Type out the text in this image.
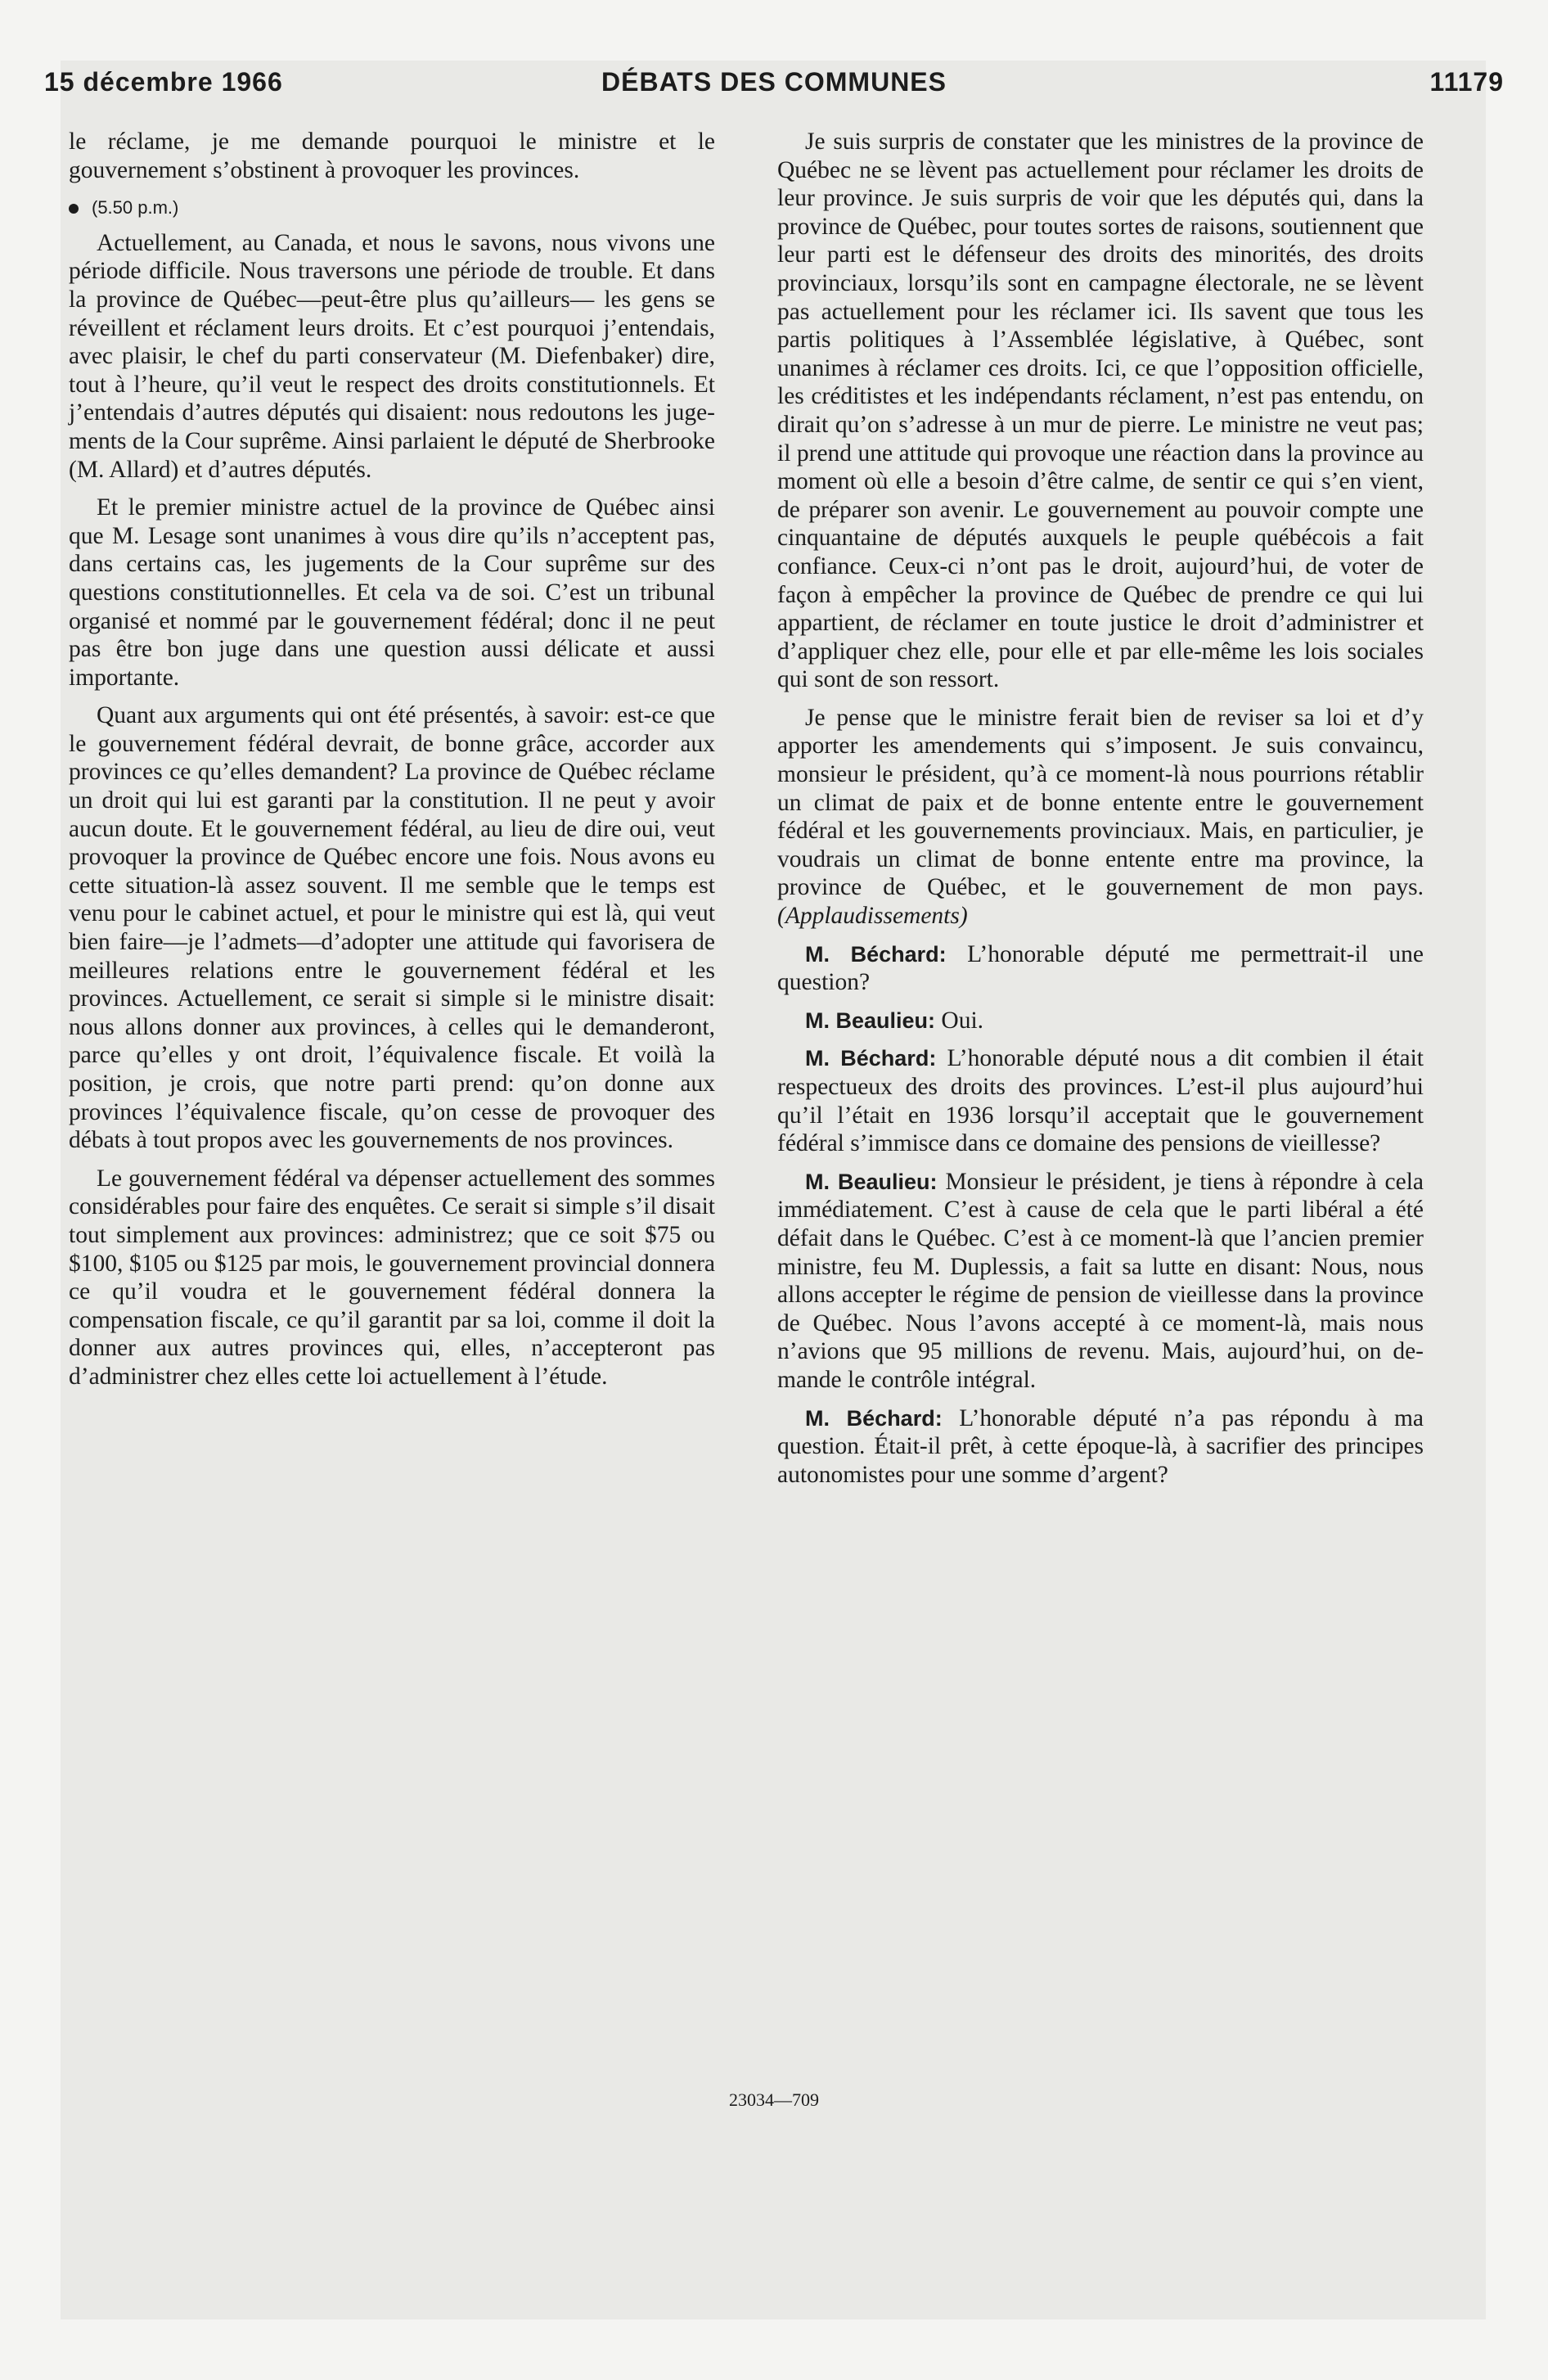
15 décembre 1966	DÉBATS DES COMMUNES	11179

le réclame, je me demande pourquoi le ministre et le gouvernement s’obstinent à provoquer les provinces.

(5.50 p.m.)

Actuellement, au Canada, et nous le savons, nous vivons une période difficile. Nous traversons une période de trouble. Et dans la province de Québec—peut-être plus qu’ailleurs— les gens se réveillent et réclament leurs droits. Et c’est pourquoi j’entendais, avec plaisir, le chef du parti conservateur (M. Diefenbaker) dire, tout à l’heure, qu’il veut le respect des droits constitutionnels. Et j’entendais d’autres députés qui disaient: nous redoutons les jugements de la Cour suprême. Ainsi parlaient le député de Sherbrooke (M. Allard) et d’autres députés.

Et le premier ministre actuel de la province de Québec ainsi que M. Lesage sont unanimes à vous dire qu’ils n’acceptent pas, dans certains cas, les jugements de la Cour suprême sur des questions constitutionnelles. Et cela va de soi. C’est un tribunal organisé et nommé par le gouvernement fédéral; donc il ne peut pas être bon juge dans une question aussi délicate et aussi importante.

Quant aux arguments qui ont été présentés, à savoir: est-ce que le gouvernement fédéral devrait, de bonne grâce, accorder aux provinces ce qu’elles demandent? La province de Québec réclame un droit qui lui est garanti par la constitution. Il ne peut y avoir aucun doute. Et le gouvernement fédéral, au lieu de dire oui, veut provoquer la province de Québec encore une fois. Nous avons eu cette situation-là assez souvent. Il me semble que le temps est venu pour le cabinet actuel, et pour le ministre qui est là, qui veut bien faire—je l’admets—d’adopter une attitude qui favorisera de meilleures relations entre le gouvernement fédéral et les provinces. Actuellement, ce serait si simple si le ministre disait: nous allons donner aux provinces, à celles qui le demanderont, parce qu’elles y ont droit, l’équivalence fiscale. Et voilà la position, je crois, que notre parti prend: qu’on donne aux provinces l’équivalence fiscale, qu’on cesse de provoquer des débats à tout propos avec les gouvernements de nos provinces.

Le gouvernement fédéral va dépenser actuellement des sommes considérables pour faire des enquêtes. Ce serait si simple s’il disait tout simplement aux provinces: administrez; que ce soit $75 ou $100, $105 ou $125 par mois, le gouvernement provincial donnera ce qu’il voudra et le gouvernement fédéral donnera la compensation fiscale, ce qu’il garantit par sa loi, comme il doit la donner aux autres provinces qui, elles, n’accepteront pas d’administrer chez elles cette loi actuellement à l’étude.

Je suis surpris de constater que les ministres de la province de Québec ne se lèvent pas actuellement pour réclamer les droits de leur province. Je suis surpris de voir que les députés qui, dans la province de Québec, pour toutes sortes de raisons, soutiennent que leur parti est le défenseur des droits des minorités, des droits provinciaux, lorsqu’ils sont en campagne électorale, ne se lèvent pas actuellement pour les réclamer ici. Ils savent que tous les partis politiques à l’Assemblée législative, à Québec, sont unanimes à réclamer ces droits. Ici, ce que l’opposition officielle, les créditistes et les indépendants réclament, n’est pas entendu, on dirait qu’on s’adresse à un mur de pierre. Le ministre ne veut pas; il prend une attitude qui provoque une réaction dans la province au moment où elle a besoin d’être calme, de sentir ce qui s’en vient, de préparer son avenir. Le gouvernement au pouvoir compte une cinquantaine de députés auxquels le peuple québécois a fait confiance. Ceux-ci n’ont pas le droit, aujourd’hui, de voter de façon à empêcher la province de Québec de prendre ce qui lui appartient, de réclamer en toute justice le droit d’administrer et d’appliquer chez elle, pour elle et par elle-même les lois sociales qui sont de son ressort.

Je pense que le ministre ferait bien de reviser sa loi et d’y apporter les amendements qui s’imposent. Je suis convaincu, monsieur le président, qu’à ce moment-là nous pourrions rétablir un climat de paix et de bonne entente entre le gouvernement fédéral et les gouvernements provinciaux. Mais, en particulier, je voudrais un climat de bonne entente entre ma province, la province de Québec, et le gouvernement de mon pays. (Applaudissements)

M. Béchard: L’honorable député me permettrait-il une question?

M. Beaulieu: Oui.

M. Béchard: L’honorable député nous a dit combien il était respectueux des droits des provinces. L’est-il plus aujourd’hui qu’il l’était en 1936 lorsqu’il acceptait que le gouvernement fédéral s’immisce dans ce domaine des pensions de vieillesse?

M. Beaulieu: Monsieur le président, je tiens à répondre à cela immédiatement. C’est à cause de cela que le parti libéral a été défait dans le Québec. C’est à ce moment-là que l’ancien premier ministre, feu M. Duplessis, a fait sa lutte en disant: Nous, nous allons accepter le régime de pension de vieillesse dans la province de Québec. Nous l’avons accepté à ce moment-là, mais nous n’avions que 95 millions de revenu. Mais, aujourd’hui, on demande le contrôle intégral.

M. Béchard: L’honorable député n’a pas répondu à ma question. Était-il prêt, à cette époque-là, à sacrifier des principes autonomistes pour une somme d’argent?

23034—709
